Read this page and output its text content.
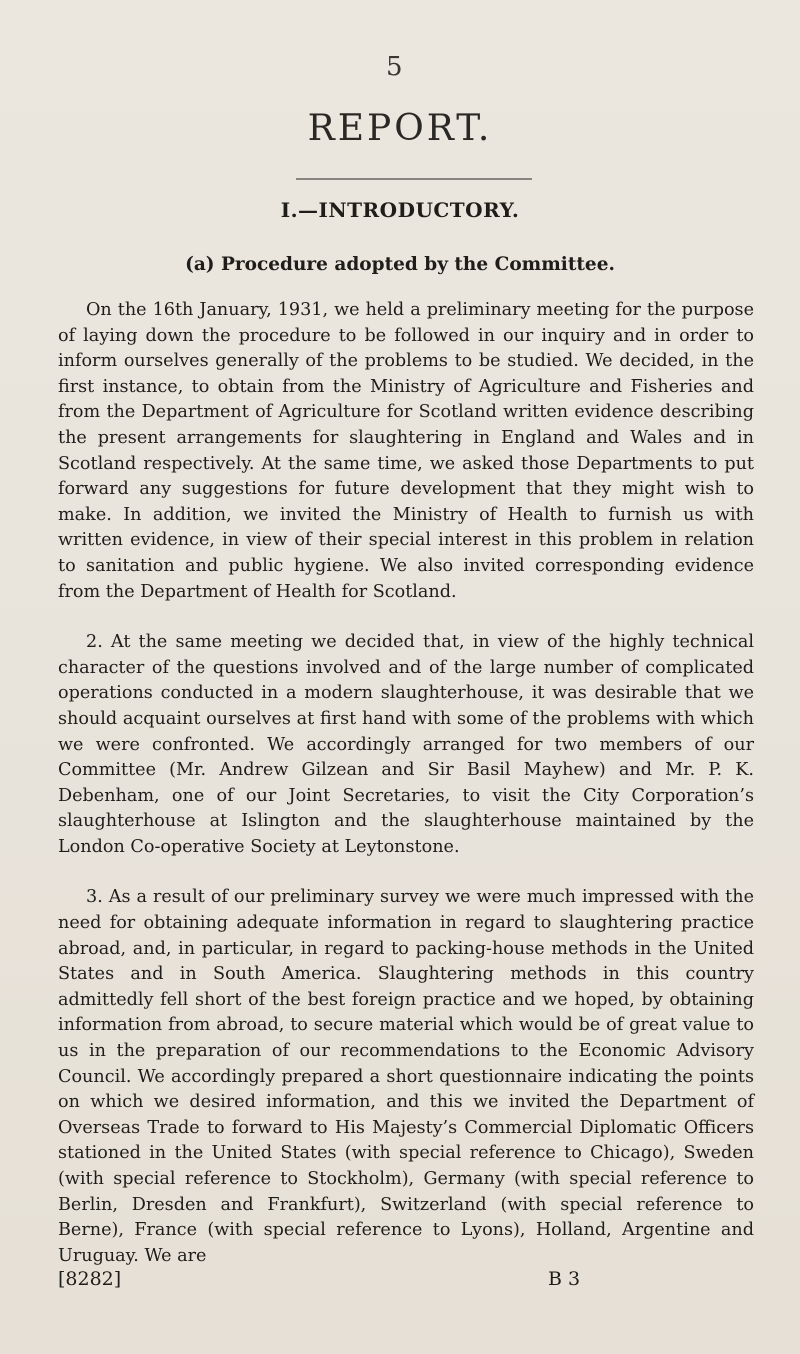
5
REPORT.
I.—INTRODUCTORY.
(a) Procedure adopted by the Committee.

On the 16th January, 1931, we held a preliminary meeting for the purpose of laying down the procedure to be followed in our inquiry and in order to inform ourselves generally of the problems to be studied. We decided, in the first instance, to obtain from the Ministry of Agriculture and Fisheries and from the Department of Agriculture for Scotland written evidence describing the present arrangements for slaughtering in England and Wales and in Scotland respectively. At the same time, we asked those Departments to put forward any suggestions for future development that they might wish to make. In addition, we invited the Ministry of Health to furnish us with written evidence, in view of their special interest in this problem in relation to sanitation and public hygiene. We also invited corresponding evidence from the Department of Health for Scotland.

2. At the same meeting we decided that, in view of the highly technical character of the questions involved and of the large number of complicated operations conducted in a modern slaughterhouse, it was desirable that we should acquaint ourselves at first hand with some of the problems with which we were confronted. We accordingly arranged for two members of our Committee (Mr. Andrew Gilzean and Sir Basil Mayhew) and Mr. P. K. Debenham, one of our Joint Secretaries, to visit the City Corporation’s slaughterhouse at Islington and the slaughterhouse maintained by the London Co-operative Society at Leytonstone.

3. As a result of our preliminary survey we were much impressed with the need for obtaining adequate information in regard to slaughtering practice abroad, and, in particular, in regard to packing-house methods in the United States and in South America. Slaughtering methods in this country admittedly fell short of the best foreign practice and we hoped, by obtaining information from abroad, to secure material which would be of great value to us in the preparation of our recommendations to the Economic Advisory Council. We accordingly prepared a short questionnaire indicating the points on which we desired information, and this we invited the Department of Overseas Trade to forward to His Majesty’s Commercial Diplomatic Officers stationed in the United States (with special reference to Chicago), Sweden (with special reference to Stockholm), Germany (with special reference to Berlin, Dresden and Frankfurt), Switzerland (with special reference to Berne), France (with special reference to Lyons), Holland, Argentine and Uruguay. We are

[8282]	B 3
